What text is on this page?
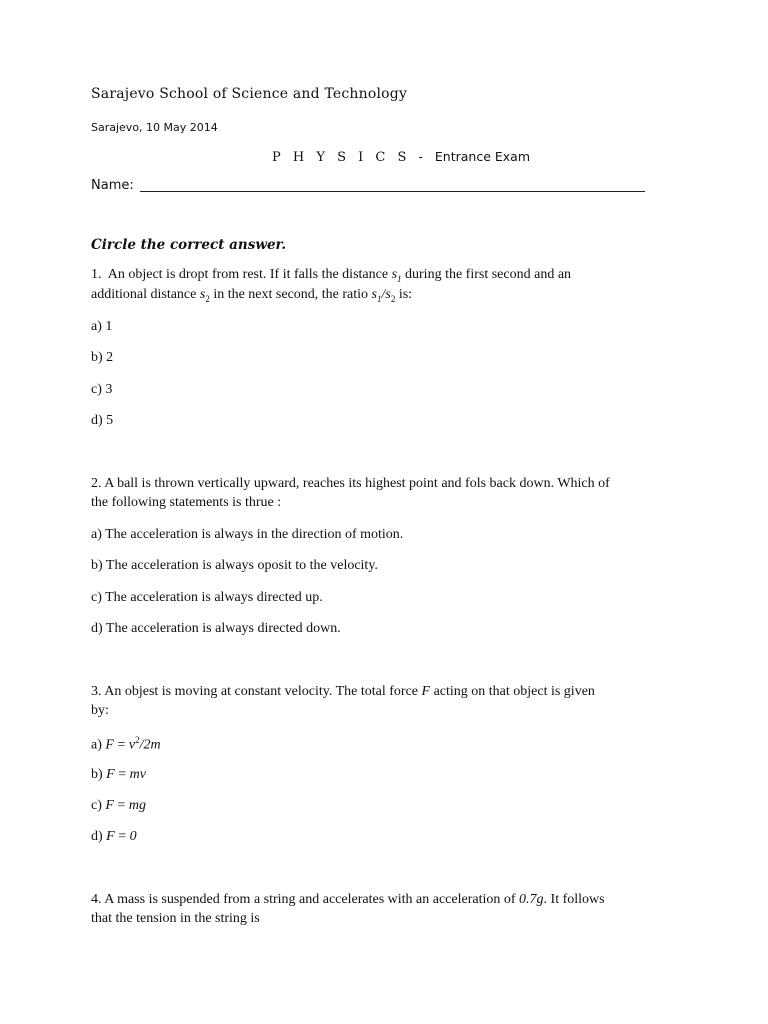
Sarajevo School of Science and Technology
Sarajevo, 10 May 2014
P H Y S I C S - Entrance Exam
Name:
Circle the correct answer.
1. An object is dropt from rest. If it falls the distance $s_1$ during the first second and an
additional distance $s_2$ in the next second, the ratio $s_1/s_2$ is:
a) 1
b) 2
c) 3
d) 5
2. A ball is thrown vertically upward, reaches its highest point and fols back down. Which of
the following statements is thrue :
a) The acceleration is always in the direction of motion.
b) The acceleration is always oposit to the velocity.
c) The acceleration is always directed up.
d) The acceleration is always directed down.
3. An objest is moving at constant velocity. The total force F acting on that object is given
by:
a) $F = v^2/2m$
b) F = mv
c) F = mg
d) F = 0
4. A mass is suspended from a string and accelerates with an acceleration of 0.7g. It follows
that the tension in the string is
